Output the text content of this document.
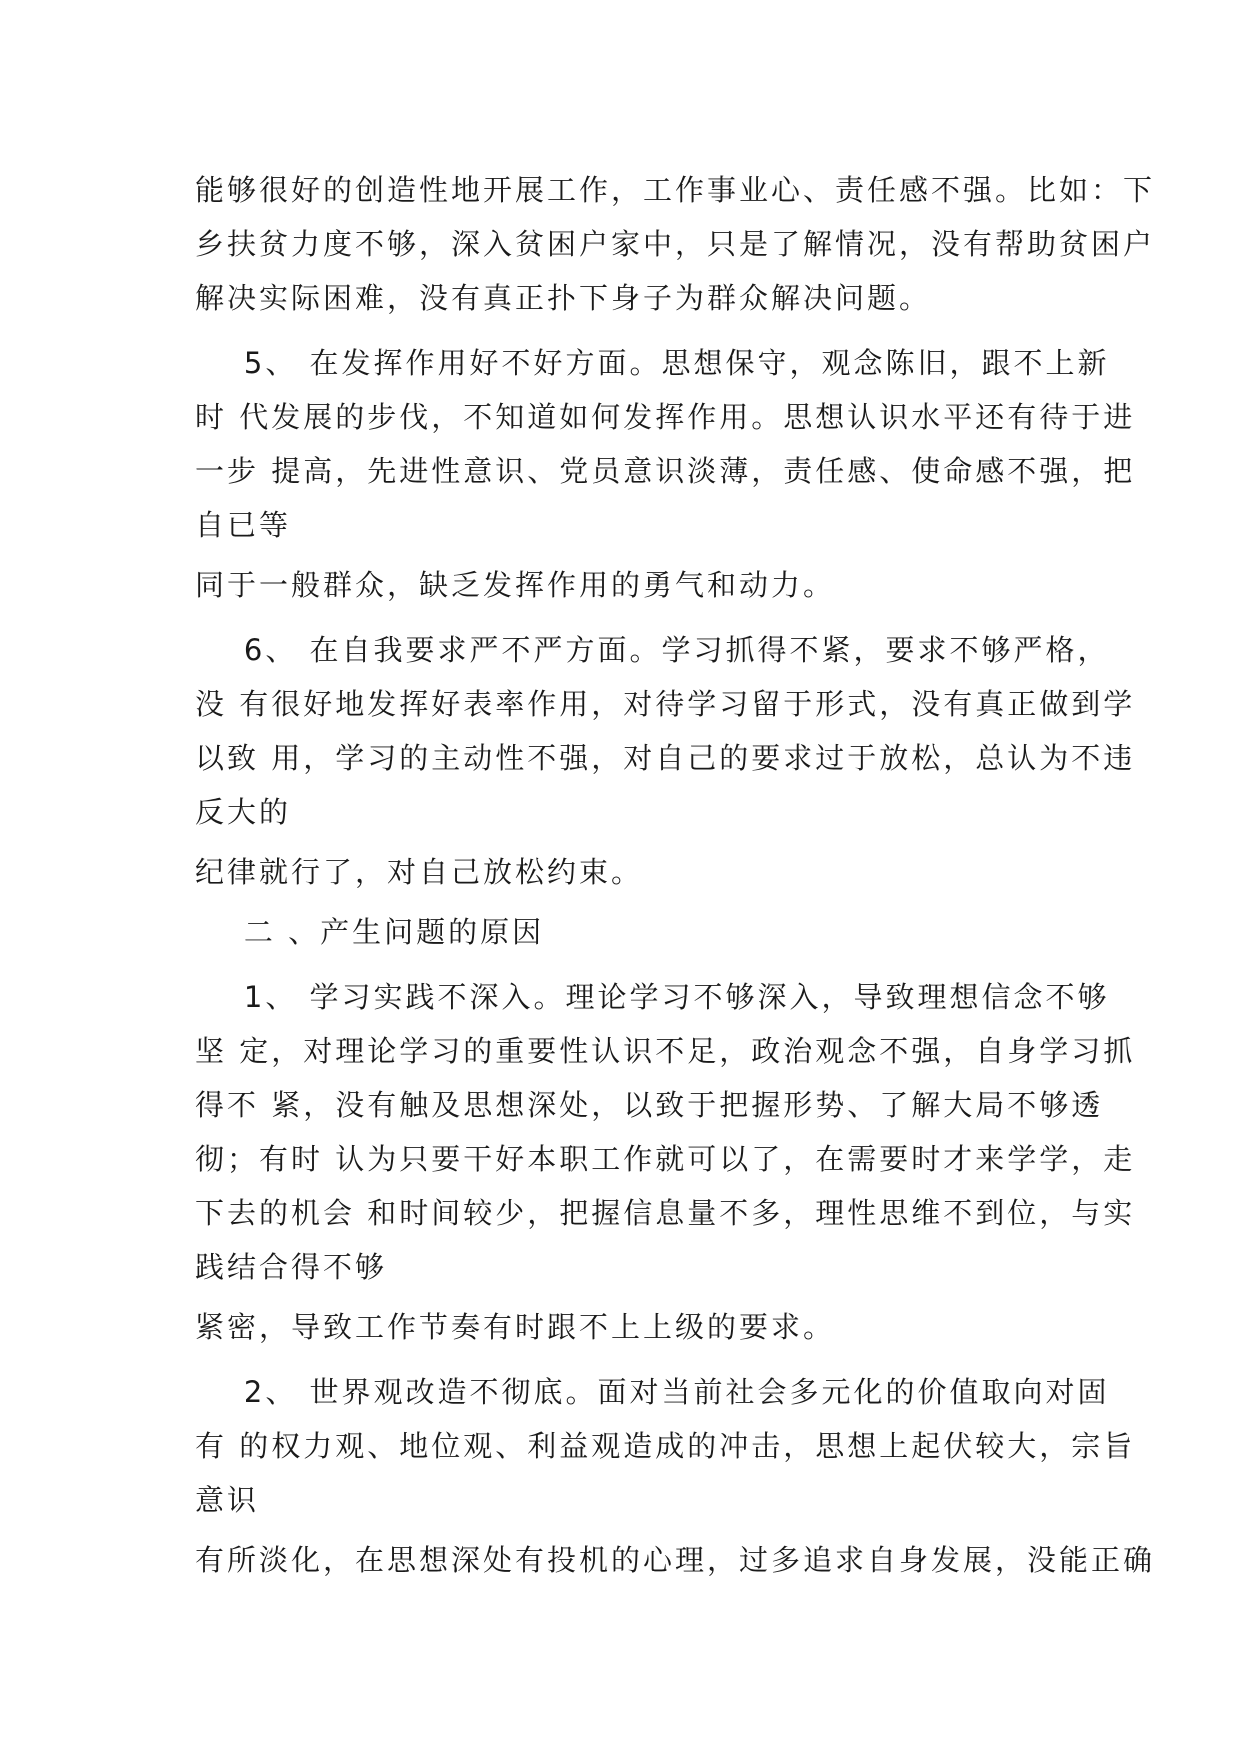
能够很好的创造性地开展工作，工作事业心、责任感不强。比如：下
乡扶贫力度不够，深入贫困户家中，只是了解情况，没有帮助贫困户
解决实际困难，没有真正扑下身子为群众解决问题。
5、 在发挥作用好不好方面。思想保守，观念陈旧，跟不上新
时 代发展的步伐，不知道如何发挥作用。思想认识水平还有待于进
一步 提高，先进性意识、党员意识淡薄，责任感、使命感不强，把
自已等
同于一般群众，缺乏发挥作用的勇气和动力。
6、 在自我要求严不严方面。学习抓得不紧，要求不够严格，
没 有很好地发挥好表率作用，对待学习留于形式，没有真正做到学
以致 用，学习的主动性不强，对自己的要求过于放松，总认为不违
反大的
纪律就行了，对自己放松约束。
二 、产生问题的原因
1、 学习实践不深入。理论学习不够深入，导致理想信念不够
坚 定，对理论学习的重要性认识不足，政治观念不强，自身学习抓
得不 紧，没有触及思想深处，以致于把握形势、了解大局不够透
彻；有时 认为只要干好本职工作就可以了，在需要时才来学学，走
下去的机会 和时间较少，把握信息量不多，理性思维不到位，与实
践结合得不够
紧密，导致工作节奏有时跟不上上级的要求。
2、 世界观改造不彻底。面对当前社会多元化的价值取向对固
有 的权力观、地位观、利益观造成的冲击，思想上起伏较大，宗旨
意识
有所淡化，在思想深处有投机的心理，过多追求自身发展，没能正确
